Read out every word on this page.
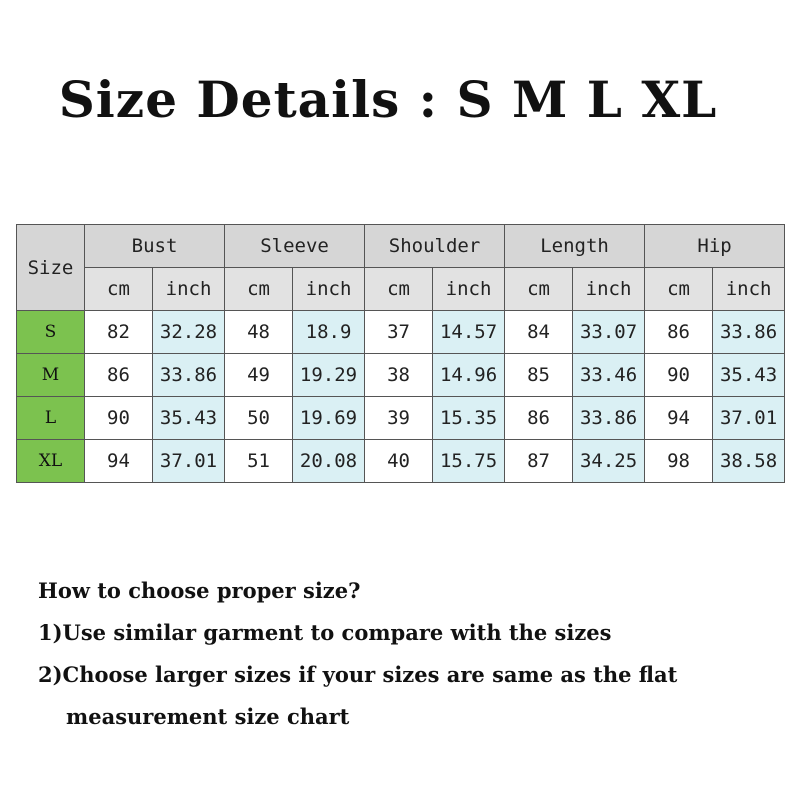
Size Details : S M L XL
Size	Bust		Sleeve		Shoulder		Length		Hip	
	cm	inch	cm	inch	cm	inch	cm	inch	cm	inch
S	82	32.28	48	18.9	37	14.57	84	33.07	86	33.86
M	86	33.86	49	19.29	38	14.96	85	33.46	90	35.43
L	90	35.43	50	19.69	39	15.35	86	33.86	94	37.01
XL	94	37.01	51	20.08	40	15.75	87	34.25	98	38.58
How to choose proper size?
1)Use similar garment to compare with the sizes
2)Choose larger sizes if your sizes are same as the flat
measurement size chart
